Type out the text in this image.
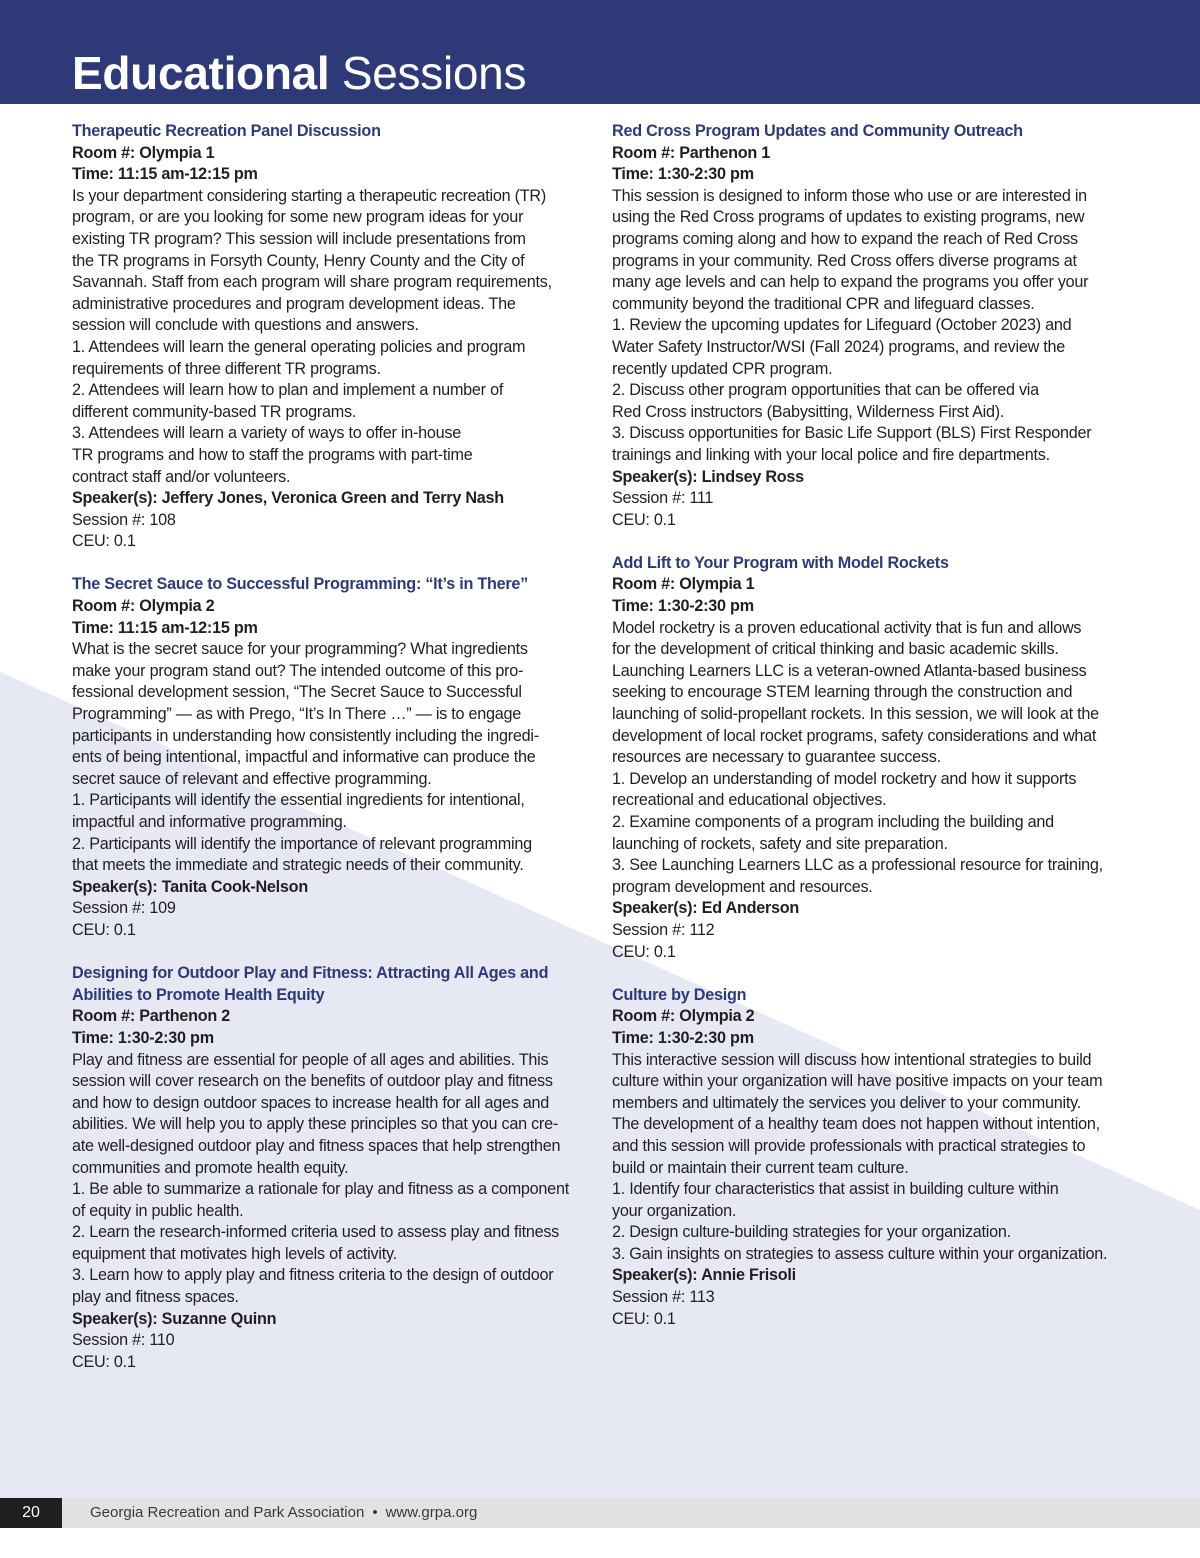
Educational Sessions
Therapeutic Recreation Panel Discussion
Room #: Olympia 1
Time: 11:15 am-12:15 pm
Is your department considering starting a therapeutic recreation (TR)
program, or are you looking for some new program ideas for your
existing TR program? This session will include presentations from
the TR programs in Forsyth County, Henry County and the City of
Savannah. Staff from each program will share program requirements,
administrative procedures and program development ideas. The
session will conclude with questions and answers.
1. Attendees will learn the general operating policies and program
requirements of three different TR programs.
2. Attendees will learn how to plan and implement a number of
different community-based TR programs.
3. Attendees will learn a variety of ways to offer in-house
TR programs and how to staff the programs with part-time
contract staff and/or volunteers.
Speaker(s): Jeffery Jones, Veronica Green and Terry Nash
Session #: 108
CEU: 0.1
The Secret Sauce to Successful Programming: “It’s in There”
Room #: Olympia 2
Time: 11:15 am-12:15 pm
What is the secret sauce for your programming? What ingredients
make your program stand out? The intended outcome of this pro-
fessional development session, “The Secret Sauce to Successful
Programming” — as with Prego, “It’s In There …” — is to engage
participants in understanding how consistently including the ingredi-
ents of being intentional, impactful and informative can produce the
secret sauce of relevant and effective programming.
1. Participants will identify the essential ingredients for intentional,
impactful and informative programming.
2. Participants will identify the importance of relevant programming
that meets the immediate and strategic needs of their community.
Speaker(s): Tanita Cook-Nelson
Session #: 109
CEU: 0.1
Designing for Outdoor Play and Fitness: Attracting All Ages and
Abilities to Promote Health Equity
Room #: Parthenon 2
Time: 1:30-2:30 pm
Play and fitness are essential for people of all ages and abilities. This
session will cover research on the benefits of outdoor play and fitness
and how to design outdoor spaces to increase health for all ages and
abilities. We will help you to apply these principles so that you can cre-
ate well-designed outdoor play and fitness spaces that help strengthen
communities and promote health equity.
1. Be able to summarize a rationale for play and fitness as a component
of equity in public health.
2. Learn the research-informed criteria used to assess play and fitness
equipment that motivates high levels of activity.
3. Learn how to apply play and fitness criteria to the design of outdoor
play and fitness spaces.
Speaker(s): Suzanne Quinn
Session #: 110
CEU: 0.1
Red Cross Program Updates and Community Outreach
Room #: Parthenon 1
Time: 1:30-2:30 pm
This session is designed to inform those who use or are interested in
using the Red Cross programs of updates to existing programs, new
programs coming along and how to expand the reach of Red Cross
programs in your community. Red Cross offers diverse programs at
many age levels and can help to expand the programs you offer your
community beyond the traditional CPR and lifeguard classes.
1. Review the upcoming updates for Lifeguard (October 2023) and
Water Safety Instructor/WSI (Fall 2024) programs, and review the
recently updated CPR program.
2. Discuss other program opportunities that can be offered via
Red Cross instructors (Babysitting, Wilderness First Aid).
3. Discuss opportunities for Basic Life Support (BLS) First Responder
trainings and linking with your local police and fire departments.
Speaker(s): Lindsey Ross
Session #: 111
CEU: 0.1
Add Lift to Your Program with Model Rockets
Room #: Olympia 1
Time: 1:30-2:30 pm
Model rocketry is a proven educational activity that is fun and allows
for the development of critical thinking and basic academic skills.
Launching Learners LLC is a veteran-owned Atlanta-based business
seeking to encourage STEM learning through the construction and
launching of solid-propellant rockets. In this session, we will look at the
development of local rocket programs, safety considerations and what
resources are necessary to guarantee success.
1. Develop an understanding of model rocketry and how it supports
recreational and educational objectives.
2. Examine components of a program including the building and
launching of rockets, safety and site preparation.
3. See Launching Learners LLC as a professional resource for training,
program development and resources.
Speaker(s): Ed Anderson
Session #: 112
CEU: 0.1
Culture by Design
Room #: Olympia 2
Time: 1:30-2:30 pm
This interactive session will discuss how intentional strategies to build
culture within your organization will have positive impacts on your team
members and ultimately the services you deliver to your community.
The development of a healthy team does not happen without intention,
and this session will provide professionals with practical strategies to
build or maintain their current team culture.
1. Identify four characteristics that assist in building culture within
your organization.
2. Design culture-building strategies for your organization.
3. Gain insights on strategies to assess culture within your organization.
Speaker(s): Annie Frisoli
Session #: 113
CEU: 0.1
20	Georgia Recreation and Park Association • www.grpa.org
